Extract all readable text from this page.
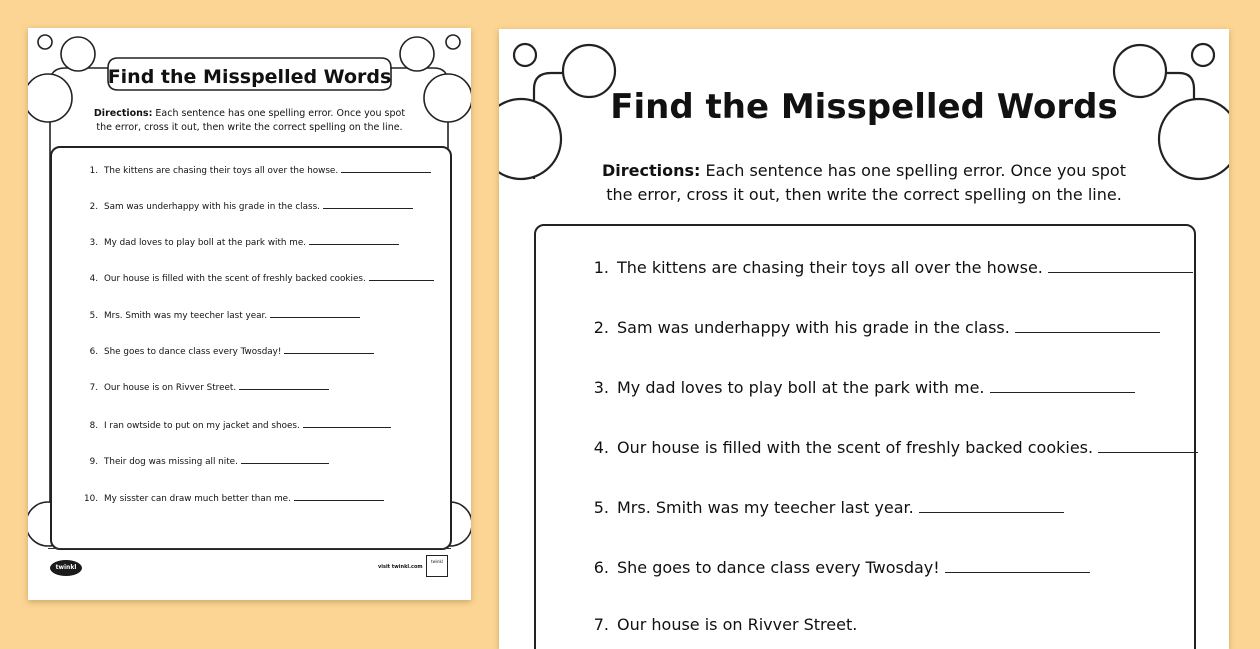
Find the Misspelled Words
Directions: Each sentence has one spelling error. Once you spot
the error, cross it out, then write the correct spelling on the line.
1. The kittens are chasing their toys all over the howse.
2. Sam was underhappy with his grade in the class.
3. My dad loves to play boll at the park with me.
4. Our house is filled with the scent of freshly backed cookies.
5. Mrs. Smith was my teecher last year.
6. She goes to dance class every Twosday!
7. Our house is on Rivver Street.
8. I ran owtside to put on my jacket and shoes.
9. Their dog was missing all nite.
10. My sisster can draw much better than me.
twinkl	visit twinkl.com
twinkl
Find the Misspelled Words
Directions: Each sentence has one spelling error. Once you spot
the error, cross it out, then write the correct spelling on the line.
1. The kittens are chasing their toys all over the howse.
2. Sam was underhappy with his grade in the class.
3. My dad loves to play boll at the park with me.
4. Our house is filled with the scent of freshly backed cookies.
5. Mrs. Smith was my teecher last year.
6. She goes to dance class every Twosday!
7. Our house is on Rivver Street.
